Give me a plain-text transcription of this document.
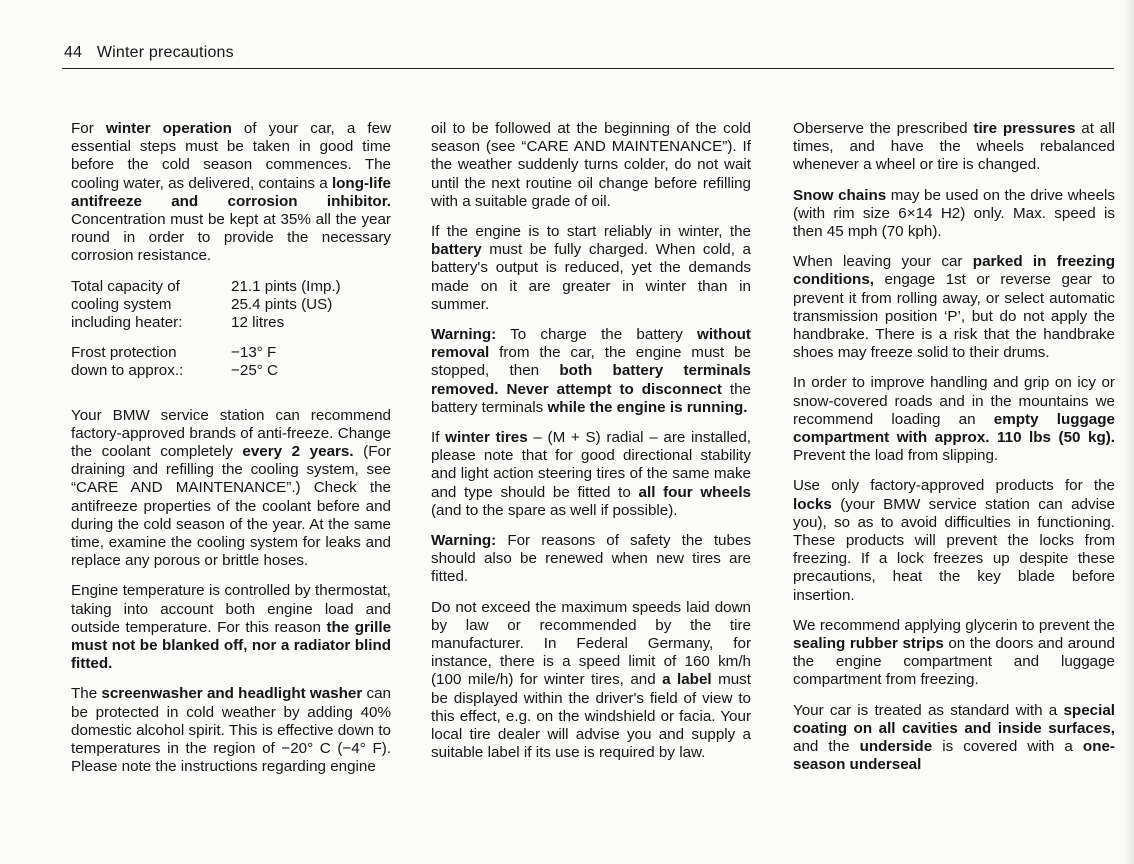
44 Winter precautions

For winter operation of your car, a few essential steps must be taken in good time before the cold season commences. The cooling water, as delivered, contains a long-life antifreeze and corrosion inhibitor. Concentration must be kept at 35% all the year round in order to provide the necessary corrosion resistance.

Total capacity of	21.1 pints (Imp.)
cooling system	25.4 pints (US)
including heater:	12 litres
Frost protection	−13° F
down to approx.:	−25° C

Your BMW service station can recommend factory-approved brands of anti-freeze. Change the coolant completely every 2 years. (For draining and refilling the cooling system, see “CARE AND MAINTENANCE”.) Check the antifreeze properties of the coolant before and during the cold season of the year. At the same time, examine the cooling system for leaks and replace any porous or brittle hoses.

Engine temperature is controlled by thermostat, taking into account both engine load and outside temperature. For this reason the grille must not be blanked off, nor a radiator blind fitted.

The screenwasher and headlight washer can be protected in cold weather by adding 40% domestic alcohol spirit. This is effective down to temperatures in the region of −20° C (−4° F). Please note the instructions regarding engine

oil to be followed at the beginning of the cold season (see “CARE AND MAINTENANCE”). If the weather suddenly turns colder, do not wait until the next routine oil change before refilling with a suitable grade of oil.

If the engine is to start reliably in winter, the battery must be fully charged. When cold, a battery's output is reduced, yet the demands made on it are greater in winter than in summer.

Warning: To charge the battery without removal from the car, the engine must be stopped, then both battery terminals removed. Never attempt to disconnect the battery terminals while the engine is running.

If winter tires – (M + S) radial – are installed, please note that for good directional stability and light action steering tires of the same make and type should be fitted to all four wheels (and to the spare as well if possible).

Warning: For reasons of safety the tubes should also be renewed when new tires are fitted.

Do not exceed the maximum speeds laid down by law or recommended by the tire manufacturer. In Federal Germany, for instance, there is a speed limit of 160 km/h (100 mile/h) for winter tires, and a label must be displayed within the driver's field of view to this effect, e.g. on the windshield or facia. Your local tire dealer will advise you and supply a suitable label if its use is required by law.

Oberserve the prescribed tire pressures at all times, and have the wheels rebalanced whenever a wheel or tire is changed.

Snow chains may be used on the drive wheels (with rim size 6×14 H2) only. Max. speed is then 45 mph (70 kph).

When leaving your car parked in freezing conditions, engage 1st or reverse gear to prevent it from rolling away, or select automatic transmission position ‘P’, but do not apply the handbrake. There is a risk that the handbrake shoes may freeze solid to their drums.

In order to improve handling and grip on icy or snow-covered roads and in the mountains we recommend loading an empty luggage compartment with approx. 110 lbs (50 kg). Prevent the load from slipping.

Use only factory-approved products for the locks (your BMW service station can advise you), so as to avoid difficulties in functioning. These products will prevent the locks from freezing. If a lock freezes up despite these precautions, heat the key blade before insertion.

We recommend applying glycerin to prevent the sealing rubber strips on the doors and around the engine compartment and luggage compartment from freezing.

Your car is treated as standard with a special coating on all cavities and inside surfaces, and the underside is covered with a one-season underseal
